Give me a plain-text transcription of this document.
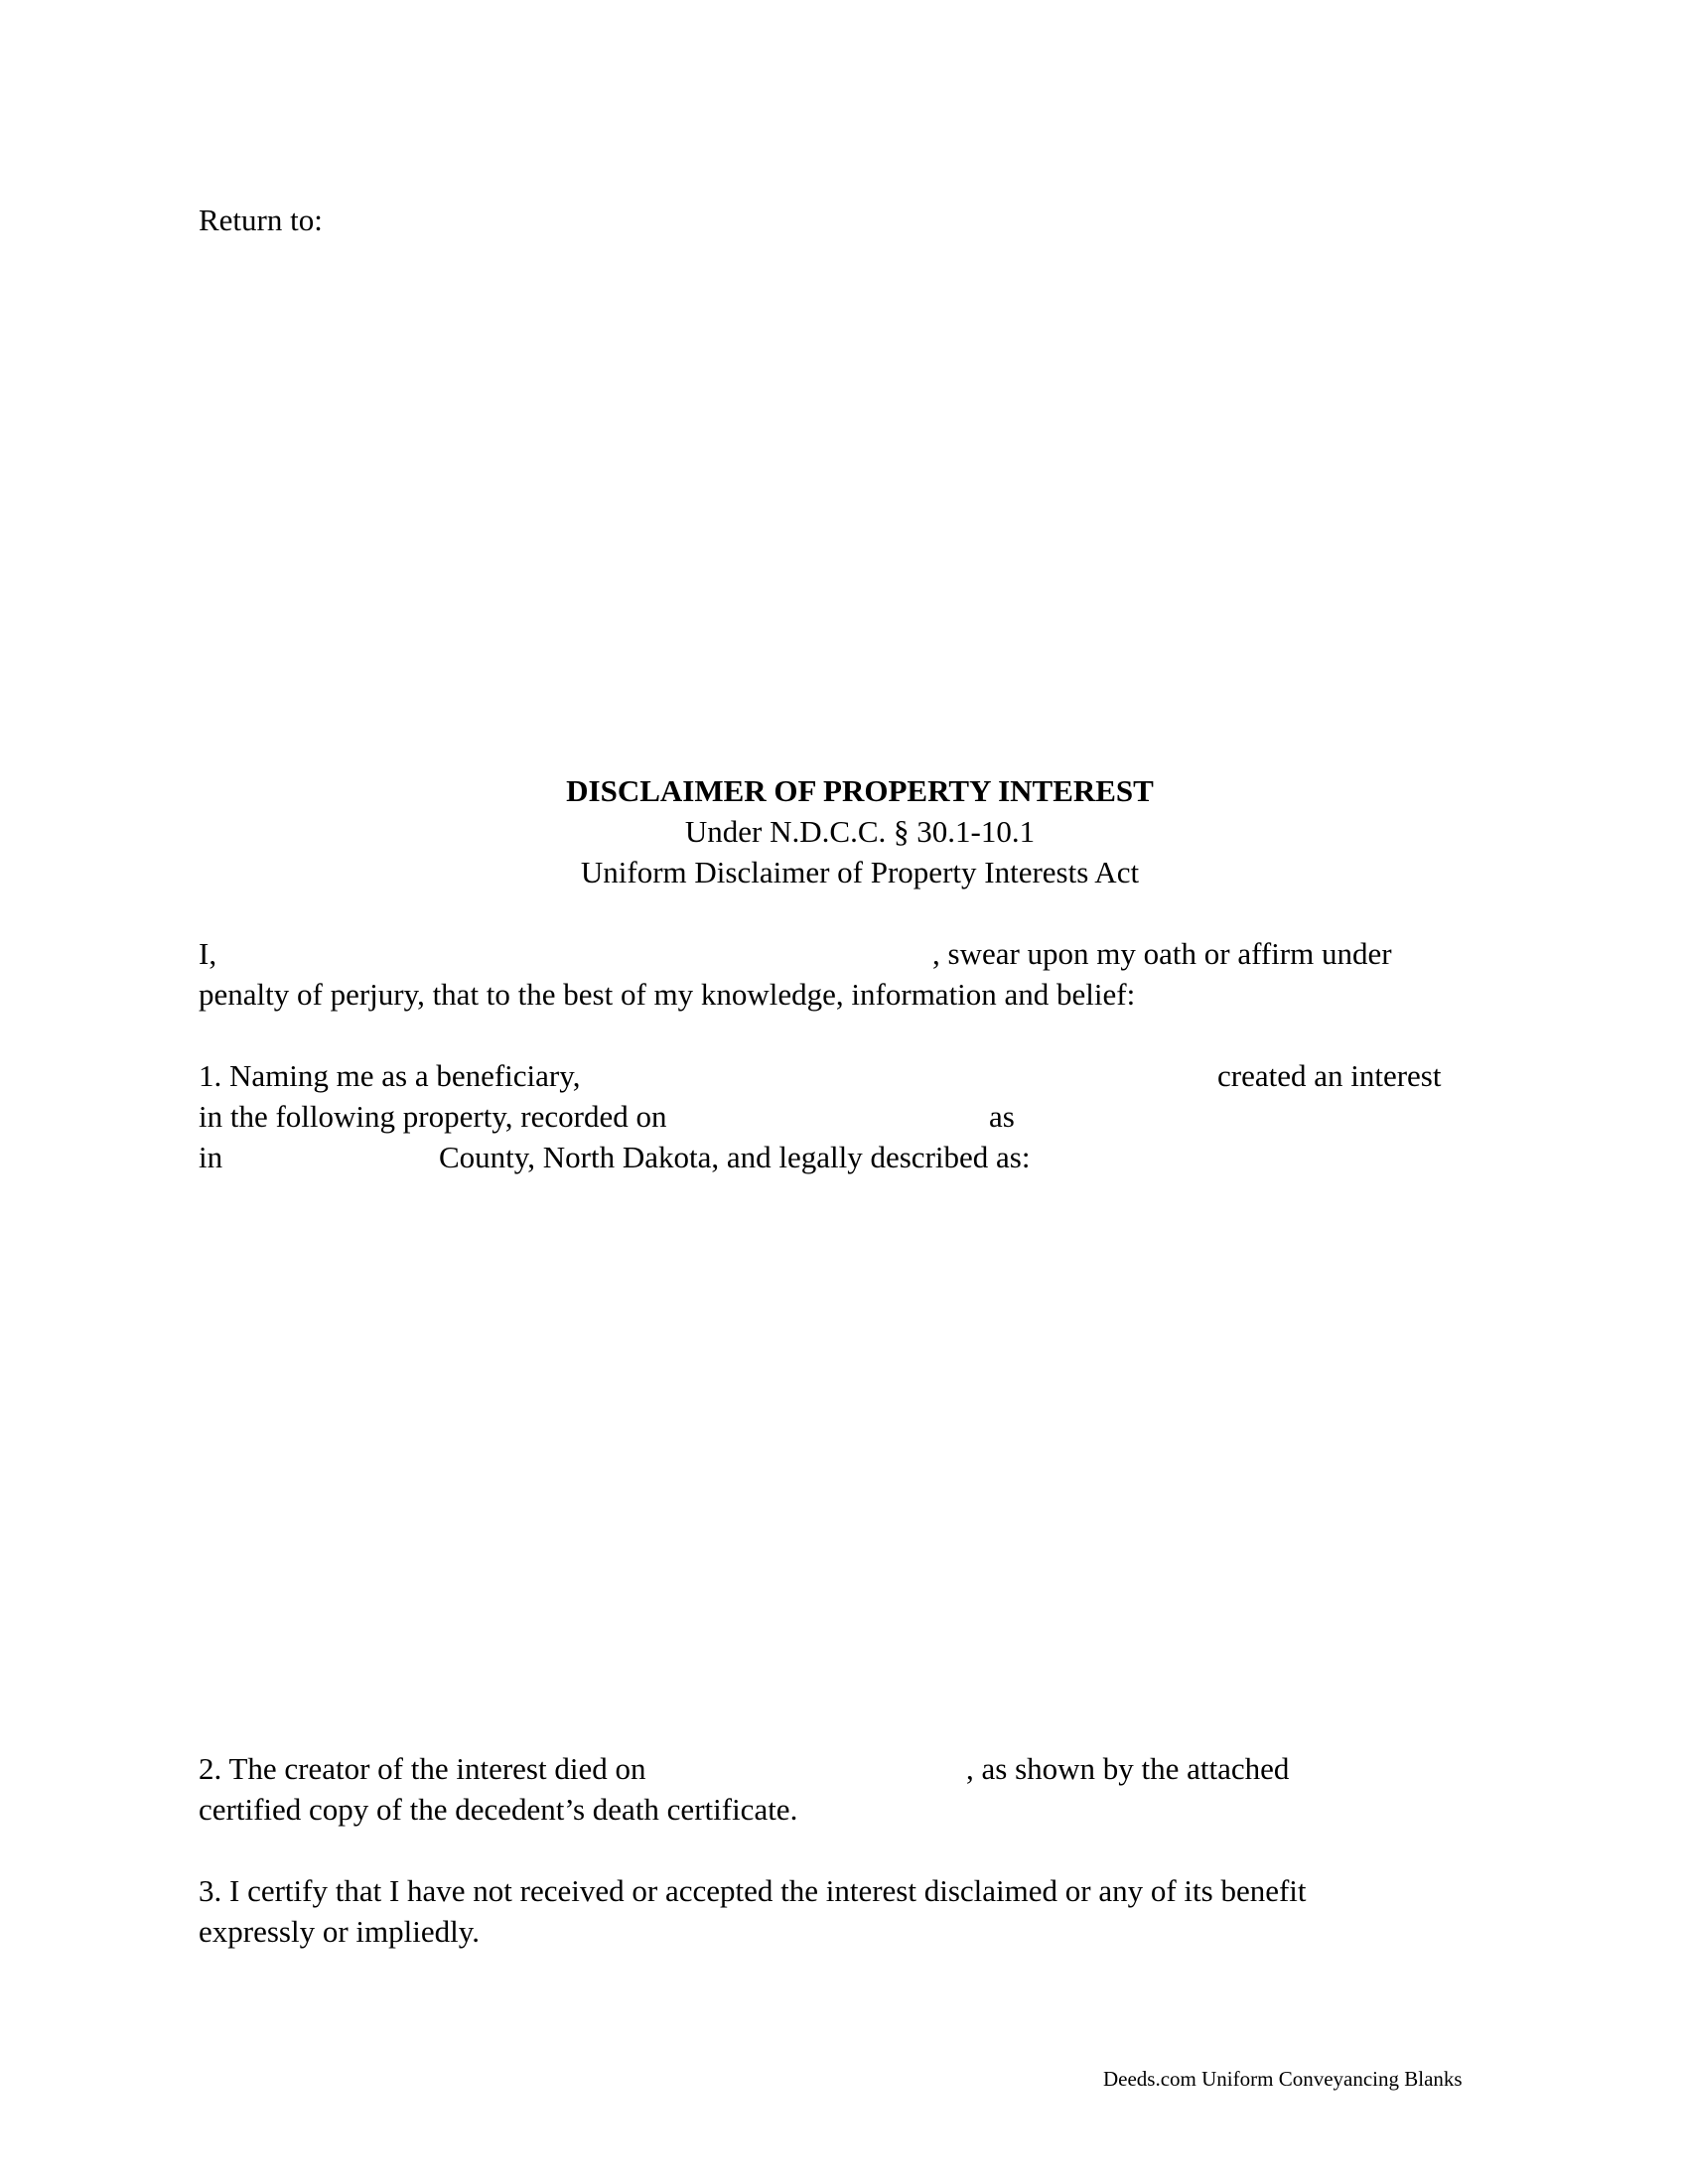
Return to:

DISCLAIMER OF PROPERTY INTEREST
Under N.D.C.C. § 30.1-10.1
Uniform Disclaimer of Property Interests Act

I,	, swear upon my oath or affirm under

penalty of perjury, that to the best of my knowledge, information and belief:

1. Naming me as a beneficiary,	created an interest

in the following property, recorded on	as

in	County, North Dakota, and legally described as:

2. The creator of the interest died on	, as shown by the attached

certified copy of the decedent’s death certificate.

3. I certify that I have not received or accepted the interest disclaimed or any of its benefit

expressly or impliedly.

Deeds.com Uniform Conveyancing Blanks
